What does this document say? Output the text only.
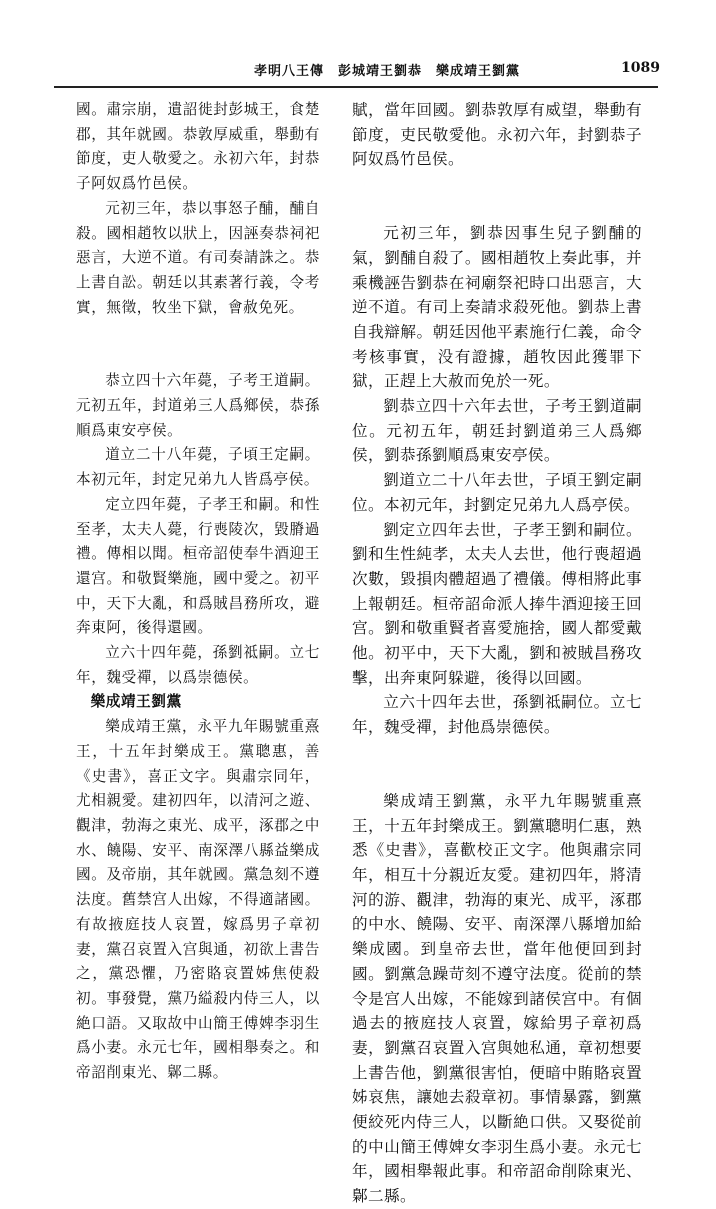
孝明八王傳　彭城靖王劉恭　樂成靖王劉黨	1089

國。肅宗崩，遺詔徙封彭城王，食楚郡，其年就國。恭敦厚威重，舉動有節度，吏人敬愛之。永初六年，封恭子阿奴爲竹邑侯。

元初三年，恭以事怒子酺，酺自殺。國相趙牧以狀上，因誣奏恭祠祀惡言，大逆不道。有司奏請誅之。恭上書自訟。朝廷以其素著行義，令考實，無徵，牧坐下獄，會赦免死。

恭立四十六年薨，子考王道嗣。元初五年，封道弟三人爲鄉侯，恭孫順爲東安亭侯。

道立二十八年薨，子頃王定嗣。本初元年，封定兄弟九人皆爲亭侯。

定立四年薨，子孝王和嗣。和性至孝，太夫人薨，行喪陵次，毀膌過禮。傳相以聞。桓帝詔使奉牛酒迎王還宫。和敬賢樂施，國中愛之。初平中，天下大亂，和爲賊昌務所攻，避奔東阿，後得還國。

立六十四年薨，孫劉祗嗣。立七年，魏受禪，以爲崇德侯。

樂成靖王劉黨

樂成靖王黨，永平九年賜號重熹王，十五年封樂成王。黨聰惠，善《史書》，喜正文字。與肅宗同年，尤相親愛。建初四年，以清河之遊、觀津，勃海之東光、成平，涿郡之中水、饒陽、安平、南深澤八縣益樂成國。及帝崩，其年就國。黨急刻不遵法度。舊禁宫人出嫁，不得適諸國。有故掖庭技人哀置，嫁爲男子章初妻，黨召哀置入宫與通，初欲上書告之，黨恐懼，乃密賂哀置姊焦使殺初。事發覺，黨乃縊殺内侍三人，以絶口語。又取故中山簡王傅婢李羽生爲小妻。永元七年，國相舉奏之。和帝詔削東光、鄡二縣。

賦，當年回國。劉恭敦厚有威望，舉動有節度，吏民敬愛他。永初六年，封劉恭子阿奴爲竹邑侯。

元初三年，劉恭因事生兒子劉酺的氣，劉酺自殺了。國相趙牧上奏此事，并乘機誣告劉恭在祠廟祭祀時口出惡言，大逆不道。有司上奏請求殺死他。劉恭上書自我辯解。朝廷因他平素施行仁義，命令考核事實，没有證據，趙牧因此獲罪下獄，正趕上大赦而免於一死。

劉恭立四十六年去世，子考王劉道嗣位。元初五年，朝廷封劉道弟三人爲鄉侯，劉恭孫劉順爲東安亭侯。

劉道立二十八年去世，子頃王劉定嗣位。本初元年，封劉定兄弟九人爲亭侯。

劉定立四年去世，子孝王劉和嗣位。劉和生性純孝，太夫人去世，他行喪超過次數，毀損肉體超過了禮儀。傅相將此事上報朝廷。桓帝詔命派人捧牛酒迎接王回宫。劉和敬重賢者喜愛施捨，國人都愛戴他。初平中，天下大亂，劉和被賊昌務攻擊，出奔東阿躲避，後得以回國。

立六十四年去世，孫劉祗嗣位。立七年，魏受禪，封他爲崇德侯。

樂成靖王劉黨，永平九年賜號重熹王，十五年封樂成王。劉黨聰明仁惠，熟悉《史書》，喜歡校正文字。他與肅宗同年，相互十分親近友愛。建初四年，將清河的游、觀津，勃海的東光、成平，涿郡的中水、饒陽、安平、南深澤八縣增加給樂成國。到皇帝去世，當年他便回到封國。劉黨急躁苛刻不遵守法度。從前的禁令是宫人出嫁，不能嫁到諸侯宫中。有個過去的掖庭技人哀置，嫁給男子章初爲妻，劉黨召哀置入宫與她私通，章初想要上書告他，劉黨很害怕，便暗中賄賂哀置姊哀焦，讓她去殺章初。事情暴露，劉黨便絞死内侍三人，以斷絶口供。又娶從前的中山簡王傅婢女李羽生爲小妻。永元七年，國相舉報此事。和帝詔命削除東光、鄡二縣。
